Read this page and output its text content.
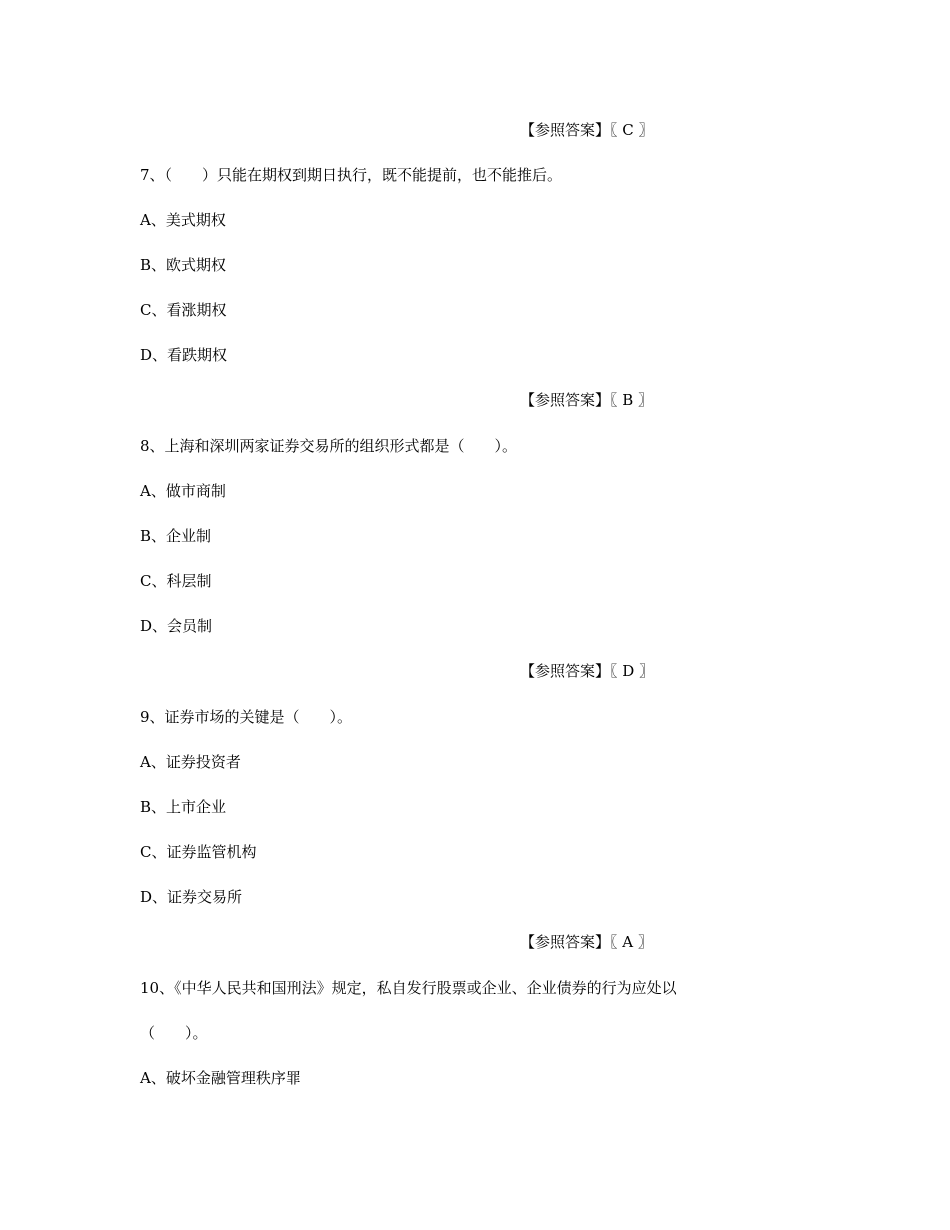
【参照答案】〖 C 〗
7、（　　）只能在期权到期日执行，既不能提前，也不能推后。
A、美式期权
B、欧式期权
C、看涨期权
D、看跌期权
【参照答案】〖 B 〗
8、上海和深圳两家证券交易所的组织形式都是（　　）。
A、做市商制
B、企业制
C、科层制
D、会员制
【参照答案】〖 D 〗
9、证券市场的关键是（　　）。
A、证券投资者
B、上市企业
C、证券监管机构
D、证券交易所
【参照答案】〖 A 〗
10、《中华人民共和国刑法》规定，私自发行股票或企业、企业债券的行为应处以
（　　）。
A、破坏金融管理秩序罪
